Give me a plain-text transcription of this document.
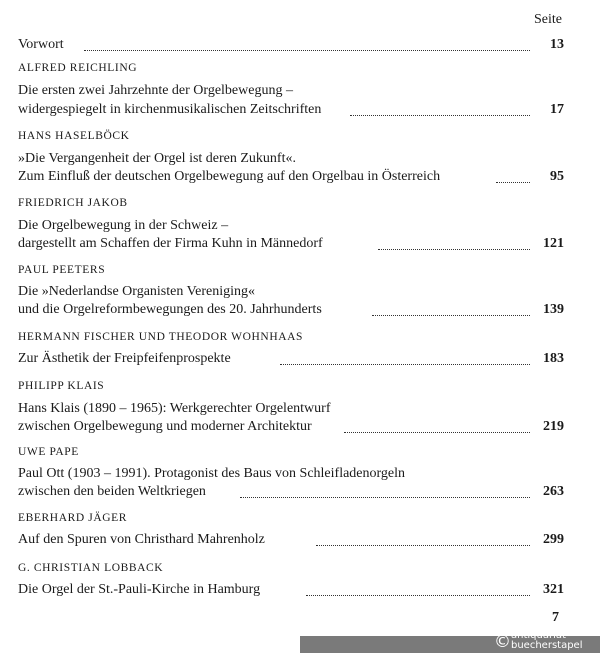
Seite
Vorwort	13
ALFRED REICHLING
Die ersten zwei Jahrzehnte der Orgelbewegung –
widergespiegelt in kirchenmusikalischen Zeitschriften	17
HANS HASELBÖCK
»Die Vergangenheit der Orgel ist deren Zukunft«.
Zum Einfluß der deutschen Orgelbewegung auf den Orgelbau in Österreich	95
FRIEDRICH JAKOB
Die Orgelbewegung in der Schweiz –
dargestellt am Schaffen der Firma Kuhn in Männedorf	121
PAUL PEETERS
Die »Nederlandse Organisten Vereniging«
und die Orgelreformbewegungen des 20. Jahrhunderts	139
HERMANN FISCHER UND THEODOR WOHNHAAS
Zur Ästhetik der Freipfeifenprospekte	183
PHILIPP KLAIS
Hans Klais (1890 – 1965): Werkgerechter Orgelentwurf
zwischen Orgelbewegung und moderner Architektur	219
UWE PAPE
Paul Ott (1903 – 1991). Protagonist des Baus von Schleifladenorgeln
zwischen den beiden Weltkriegen	263
EBERHARD JÄGER
Auf den Spuren von Christhard Mahrenholz	299
G. CHRISTIAN LOBBACK
Die Orgel der St.-Pauli-Kirche in Hamburg	321
7
© antiquariat
buecherstapel
